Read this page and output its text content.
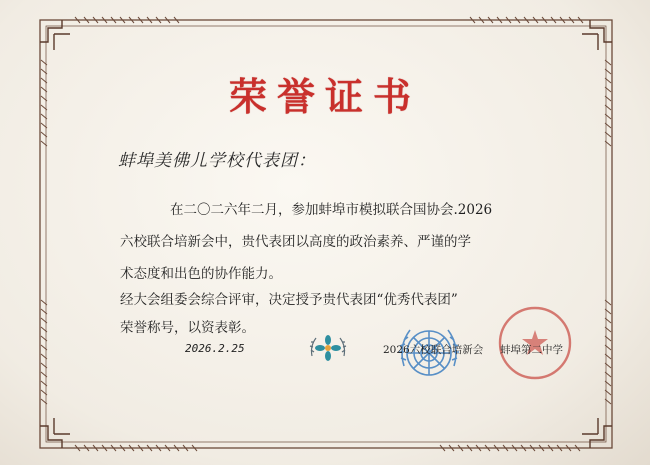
荣誉证书
蚌埠美佛儿学校代表团：
在二〇二六年二月，参加蚌埠市模拟联合国协会.2026
六校联合培新会中，贵代表团以高度的政治素养、严谨的学
术态度和出色的协作能力。
经大会组委会综合评审，决定授予贵代表团“优秀代表团”
荣誉称号，以资表彰。
2026.2.25	2026六校联合培新会 蚌埠第二中学
